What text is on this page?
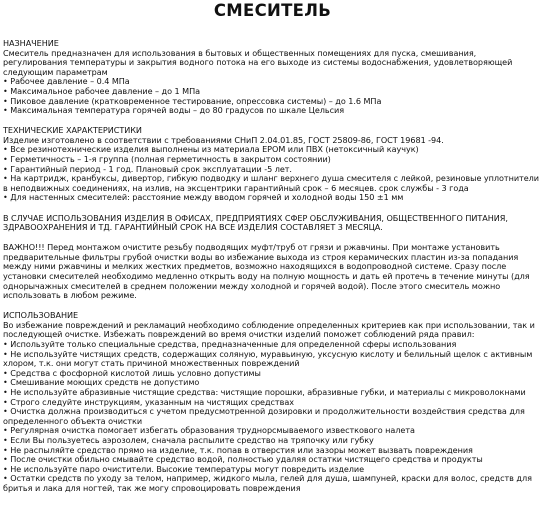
СМЕСИТЕЛЬ
НАЗНАЧЕНИЕ
Смеситель предназначен для использования в бытовых и общественных помещениях для пуска, смешивания, регулирования температуры и закрытия водного потока на его выходе из системы водоснабжения, удовлетворяющей следующим параметрам
• Рабочее давление – 0.4 МПа
• Максимальное рабочее давление – до 1 МПа
• Пиковое давление (кратковременное тестирование, опрессовка системы) – до 1.6 МПа
• Максимальная температура горячей воды – до 80 градусов по шкале Цельсия
ТЕХНИЧЕСКИЕ ХАРАКТЕРИСТИКИ
Изделие изготовлено в соответствии с требованиями СНиП 2.04.01.85, ГОСТ 25809-86, ГОСТ 19681 -94.
• Все резинотехнические изделия выполнены из материала EPOM или ПВХ (нетоксичный каучук)
• Герметичность – 1-я группа (полная герметичность в закрытом состоянии)
• Гарантийный период - 1 год. Плановый срок эксплуатации -5 лет.
• На картридж, кранбуксы, дивертор, гибкую подводку и шланг верхнего душа смесителя с лейкой, резиновые уплотнители в неподвижных соединениях, на излив, на эксцентрики гарантийный срок – 6 месяцев. срок службы - 3 года
• Для настенных смесителей: расстояние между вводом горячей и холодной воды 150 ±1 мм
В СЛУЧАЕ ИСПОЛЬЗОВАНИЯ ИЗДЕЛИЯ В ОФИСАХ, ПРЕДПРИЯТИЯХ СФЕР ОБСЛУЖИВАНИЯ, ОБЩЕСТВЕННОГО ПИТАНИЯ, ЗДРАВООХРАНЕНИЯ И ТД. ГАРАНТИЙНЫЙ СРОК НА ВСЕ ИЗДЕЛИЯ СОСТАВЛЯЕТ 3 МЕСЯЦА.
ВАЖНО!!! Перед монтажом очистите резьбу подводящих муфт/труб от грязи и ржавчины. При монтаже установить предварительные фильтры грубой очистки воды во избежание выхода из строя керамических пластин из-за попадания между ними ржавчины и мелких жестких предметов, возможно находящихся в водопроводной системе. Сразу после установки смесителей необходимо медленно открыть воду на полную мощность и дать ей протечь в течение минуты (для однорычажных смесителей в среднем положении между холодной и горячей водой). После этого смеситель можно использовать в любом режиме.
ИСПОЛЬЗОВАНИЕ
Во избежание повреждений и рекламаций необходимо соблюдение определенных критериев как при использовании, так и последующей очистке. Избежать повреждений во время очистки изделий поможет соблюдений ряда правил:
• Используйте только специальные средства, предназначенные для определенной сферы использования
• Не используйте чистящих средств, содержащих соляную, муравьиную, уксусную кислоту и белильный щелок с активным хлором, т.к. они могут стать причиной множественных повреждений
• Средства с фосфорной кислотой лишь условно допустимы
• Смешивание моющих средств не допустимо
• Не используйте абразивные чистящие средства: чистящие порошки, абразивные губки, и материалы с микроволокнами
• Строго следуйте инструкциям, указанным на чистящих средствах
• Очистка должна производиться с учетом предусмотренной дозировки и продолжительности воздействия средства для определенного объекта очистки
• Регулярная очистка помогает избегать образования труднорсмываемого известкового налета
• Если Вы пользуетесь аэрозолем, сначала распылите средство на тряпочку или губку
• Не распыляйте средство прямо на изделие, т.к. попав в отверстия или зазоры может вызвать повреждения
• После очистки обильно смывайте средство водой, полностью удаляя остатки чистящего средства и продукты
• Не используйте паро очистители. Высокие температуры могут повредить изделие
• Остатки средств по уходу за телом, например, жидкого мыла, гелей для душа, шампуней, краски для волос, средств для бритья и лака для ногтей, так же могу спровоцировать повреждения
